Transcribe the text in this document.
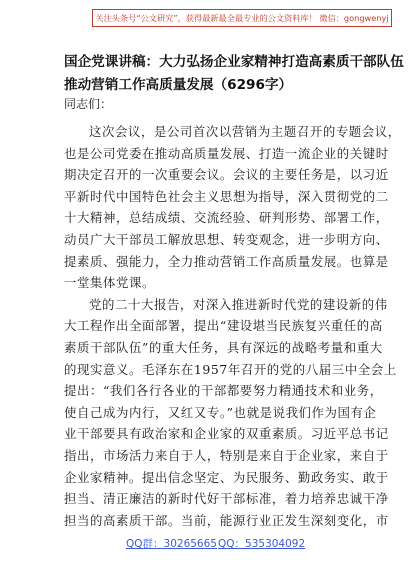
关注头条号“公文研究”，获得最新最全最专业的公文资料库！ 微信：gongwenyj
国企党课讲稿：大力弘扬企业家精神打造高素质干部队伍
推动营销工作高质量发展（6296字）
同志们：
这次会议，是公司首次以营销为主题召开的专题会议，
也是公司党委在推动高质量发展、打造一流企业的关键时
期决定召开的一次重要会议。会议的主要任务是，以习近
平新时代中国特色社会主义思想为指导，深入贯彻党的二
十大精神，总结成绩、交流经验、研判形势、部署工作，
动员广大干部员工解放思想、转变观念，进一步明方向、
提素质、强能力，全力推动营销工作高质量发展。也算是
一堂集体党课。
党的二十大报告，对深入推进新时代党的建设新的伟
大工程作出全面部署，提出“建设堪当民族复兴重任的高
素质干部队伍”的重大任务，具有深远的战略考量和重大
的现实意义。毛泽东在1957年召开的党的八届三中全会上
提出：“我们各行各业的干部都要努力精通技术和业务，
使自己成为内行，又红又专。”也就是说我们作为国有企
业干部要具有政治家和企业家的双重素质。习近平总书记
指出，市场活力来自于人，特别是来自于企业家，来自于
企业家精神。提出信念坚定、为民服务、勤政务实、敢于
担当、清正廉洁的新时代好干部标准，着力培养忠诚干净
担当的高素质干部。当前，能源行业正发生深刻变化，市
QQ群：30265665 QQ：535304092
